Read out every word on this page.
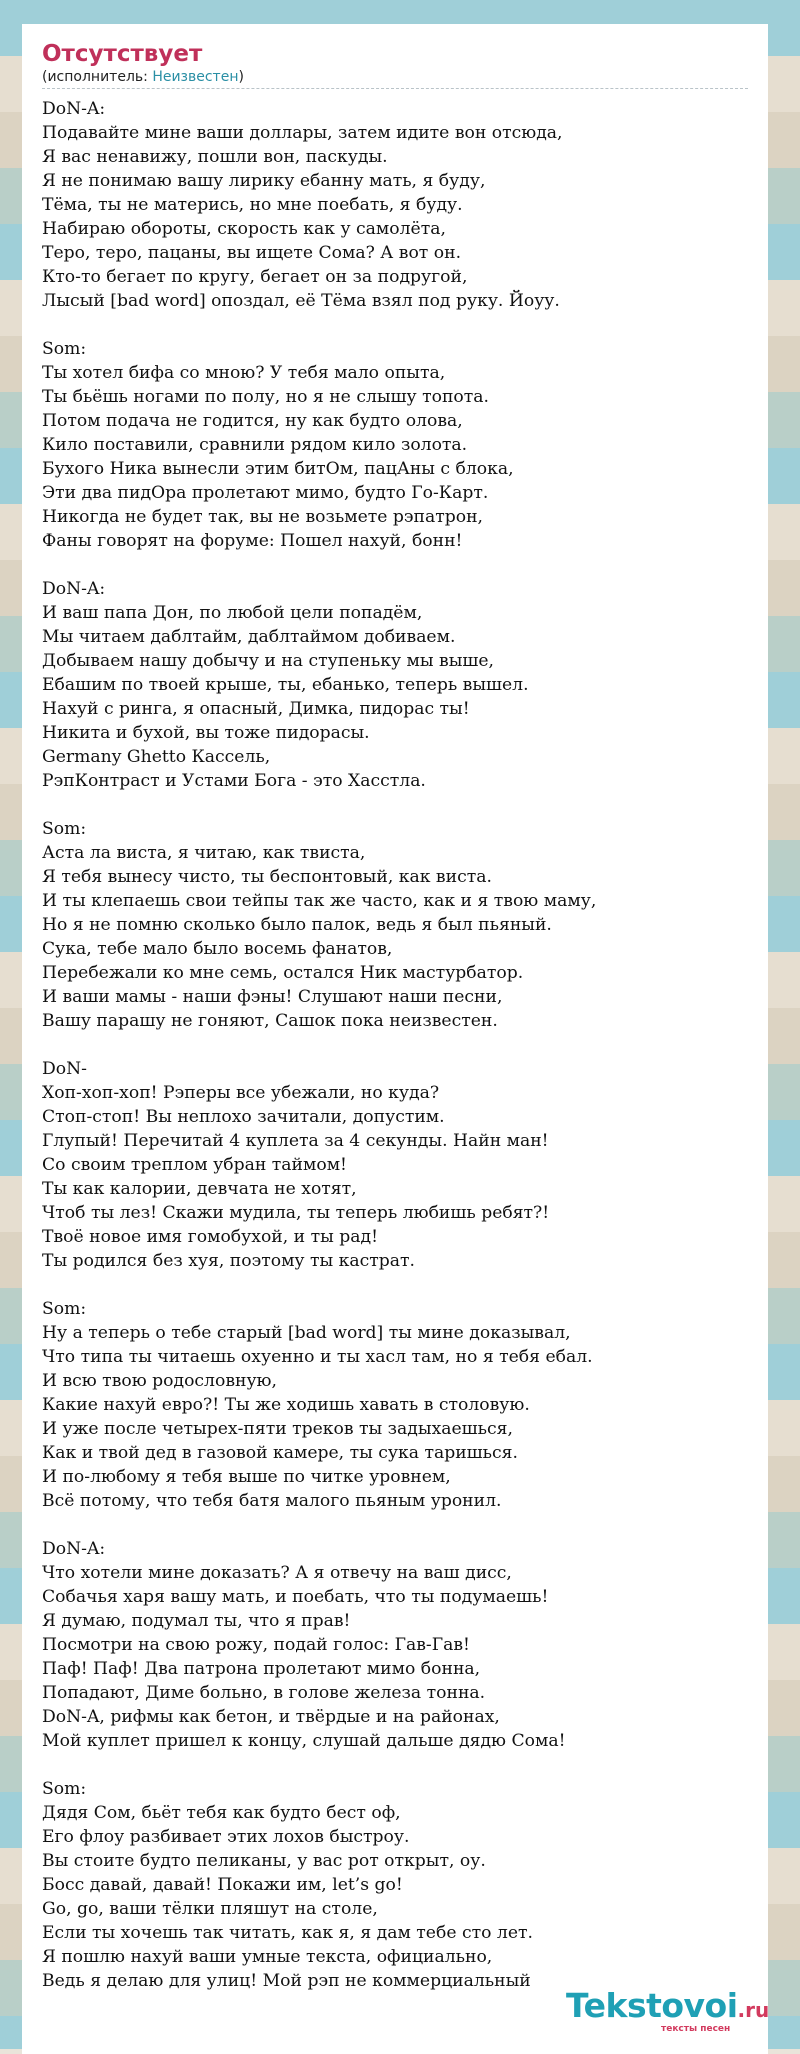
Отсутствует
(исполнитель: Неизвестен)
DoN-A:
Подавайте мине ваши доллары, затем идите вон отсюда,
Я вас ненавижу, пошли вон, паскуды.
Я не понимаю вашу лирику ебанну мать, я буду,
Тёма, ты не матерись, но мне поебать, я буду.
Набираю обороты, скорость как у самолёта,
Теро, теро, пацаны, вы ищете Сома? А вот он.
Кто-то бегает по кругу, бегает он за подругой,
Лысый [bad word] опоздал, её Тёма взял под руку. Йоуу.
Som:
Ты хотел бифа со мною? У тебя мало опыта,
Ты бьёшь ногами по полу, но я не слышу топота.
Потом подача не годится, ну как будто олова,
Кило поставили, сравнили рядом кило золота.
Бухого Ника вынесли этим битОм, пацАны с блока,
Эти два пидОра пролетают мимо, будто Го-Карт.
Никогда не будет так, вы не возьмете рэпатрон,
Фаны говорят на форуме: Пошел нахуй, бонн!
DoN-A:
И ваш папа Дон, по любой цели попадём,
Мы читаем даблтайм, даблтаймом добиваем.
Добываем нашу добычу и на ступеньку мы выше,
Ебашим по твоей крыше, ты, ебанько, теперь вышел.
Нахуй с ринга, я опасный, Димка, пидорас ты!
Никита и бухой, вы тоже пидорасы.
Germany Ghetto Кассель,
РэпКонтраст и Устами Бога - это Хасстла.
Som:
Аста ла виста, я читаю, как твиста,
Я тебя вынесу чисто, ты беспонтовый, как виста.
И ты клепаешь свои тейпы так же часто, как и я твою маму,
Но я не помню сколько было палок, ведь я был пьяный.
Сука, тебе мало было восемь фанатов,
Перебежали ко мне семь, остался Ник мастурбатор.
И ваши мамы - наши фэны! Слушают наши песни,
Вашу парашу не гоняют, Сашок пока неизвестен.
DoN-
Хоп-хоп-хоп! Рэперы все убежали, но куда?
Стоп-стоп! Вы неплохо зачитали, допустим.
Глупый! Перечитай 4 куплета за 4 секунды. Найн ман!
Со своим треплом убран таймом!
Ты как калории, девчата не хотят,
Чтоб ты лез! Скажи мудила, ты теперь любишь ребят?!
Твоё новое имя гомобухой, и ты рад!
Ты родился без хуя, поэтому ты кастрат.
Som:
Ну а теперь о тебе старый [bad word] ты мине доказывал,
Что типа ты читаешь охуенно и ты хасл там, но я тебя ебал.
И всю твою родословную,
Какие нахуй евро?! Ты же ходишь хавать в столовую.
И уже после четырех-пяти треков ты задыхаешься,
Как и твой дед в газовой камере, ты сука таришься.
И по-любому я тебя выше по читке уровнем,
Всё потому, что тебя батя малого пьяным уронил.
DoN-A:
Что хотели мине доказать? А я отвечу на ваш дисс,
Собачья харя вашу мать, и поебать, что ты подумаешь!
Я думаю, подумал ты, что я прав!
Посмотри на свою рожу, подай голос: Гав-Гав!
Паф! Паф! Два патрона пролетают мимо бонна,
Попадают, Диме больно, в голове железа тонна.
DoN-A, рифмы как бетон, и твёрдые и на районах,
Мой куплет пришел к концу, слушай дальше дядю Сома!
Som:
Дядя Сом, бьёт тебя как будто бест оф,
Его флоу разбивает этих лохов быстроу.
Вы стоите будто пеликаны, у вас рот открыт, оу.
Босс давай, давай! Покажи им, let’s go!
Go, go, ваши тёлки пляшут на столе,
Если ты хочешь так читать, как я, я дам тебе сто лет.
Я пошлю нахуй ваши умные текста, официально,
Ведь я делаю для улиц! Мой рэп не коммерциальный
Tekstovoi.ru
тексты песен
